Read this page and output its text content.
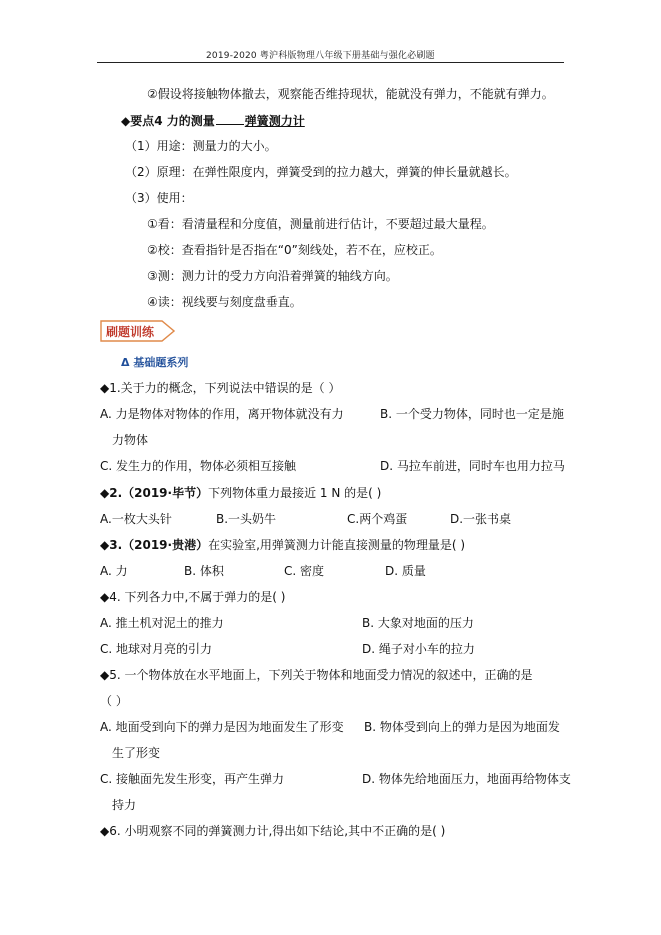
2019-2020 粤沪科版物理八年级下册基础与强化必刷题
②假设将接触物体撤去，观察能否维持现状，能就没有弹力，不能就有弹力。
◆要点4 力的测量	弹簧测力计
（1）用途：测量力的大小。
（2）原理：在弹性限度内，弹簧受到的拉力越大，弹簧的伸长量就越长。
（3）使用：
①看：看清量程和分度值，测量前进行估计，不要超过最大量程。
②校：查看指针是否指在“0”刻线处，若不在，应校正。
③测：测力计的受力方向沿着弹簧的轴线方向。
④读：视线要与刻度盘垂直。
刷题训练
Δ 基础题系列
◆1.关于力的概念，下列说法中错误的是（ ）
A. 力是物体对物体的作用，离开物体就没有力	B. 一个受力物体，同时也一定是施
力物体
C. 发生力的作用，物体必须相互接触	D. 马拉车前进，同时车也用力拉马
◆2.（2019·毕节）下列物体重力最接近 1 N 的是( )
A.一枚大头针	B.一头奶牛	C.两个鸡蛋	D.一张书桌
◆3.（2019·贵港）在实验室,用弹簧测力计能直接测量的物理量是( )
A. 力	B. 体积	C. 密度	D. 质量
◆4. 下列各力中,不属于弹力的是( )
A. 推土机对泥土的推力	B. 大象对地面的压力
C. 地球对月亮的引力	D. 绳子对小车的拉力
◆5. 一个物体放在水平地面上，下列关于物体和地面受力情况的叙述中，正确的是
（ ）
A. 地面受到向下的弹力是因为地面发生了形变 B. 物体受到向上的弹力是因为地面发
生了形变
C. 接触面先发生形变，再产生弹力	D. 物体先给地面压力，地面再给物体支
持力
◆6. 小明观察不同的弹簧测力计,得出如下结论,其中不正确的是( )
